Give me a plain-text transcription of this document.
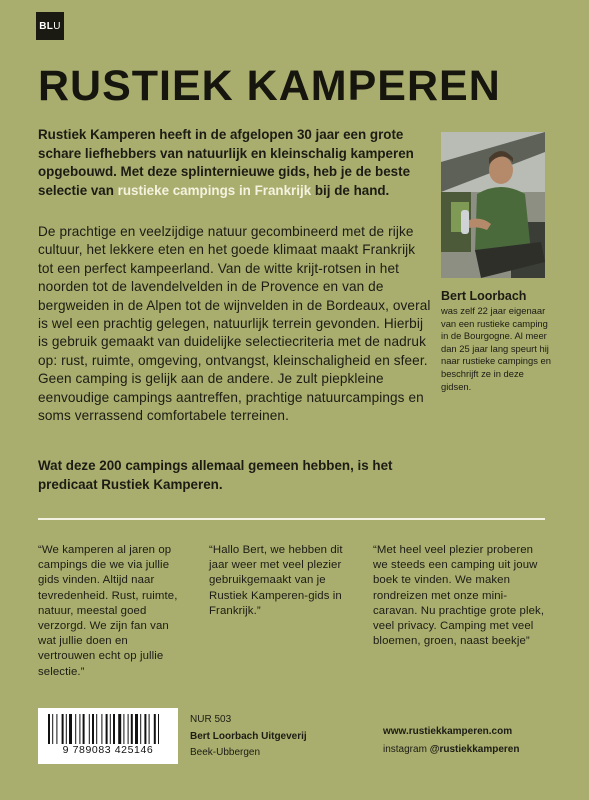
BL U
RUSTIEK KAMPEREN

Rustiek Kamperen heeft in de afgelopen 30 jaar een grote schare liefhebbers van natuurlijk en kleinschalig kamperen opgebouwd. Met deze splinternieuwe gids, heb je de beste selectie van rustieke campings in Frankrijk bij de hand.

De prachtige en veelzijdige natuur gecombineerd met de rijke cultuur, het lekkere eten en het goede klimaat maakt Frankrijk tot een perfect kampeerland. Van de witte krijt-rotsen in het noorden tot de lavendelvelden in de Provence en van de bergweiden in de Alpen tot de wijnvelden in de Bordeaux, overal is wel een prachtig gelegen, natuurlijk terrein gevonden. Hierbij is gebruik gemaakt van duidelijke selectiecriteria met de nadruk op: rust, ruimte, omgeving, ontvangst, kleinschaligheid en sfeer. Geen camping is gelijk aan de andere. Je zult piepkleine eenvoudige campings aantreffen, prachtige natuurcampings en soms verrassend comfortabele terreinen.

Wat deze 200 campings allemaal gemeen hebben, is het predicaat Rustiek Kamperen.

Bert Loorbach

was zelf 22 jaar eigenaar van een rustieke camping in de Bourgogne. Al meer dan 25 jaar lang speurt hij naar rustieke campings en beschrijft ze in deze gidsen.

“We kamperen al jaren op campings die we via jullie gids vinden. Altijd naar tevredenheid. Rust, ruimte, natuur, meestal goed verzorgd. We zijn fan van wat jullie doen en vertrouwen echt op jullie selectie.”

“Hallo Bert, we hebben dit jaar weer met veel plezier gebruikgemaakt van je Rustiek Kamperen-gids in Frankrijk.”

“Met heel veel plezier proberen we steeds een camping uit jouw boek te vinden. We maken rondreizen met onze mini-caravan. Nu prachtige grote plek, veel privacy. Camping met veel bloemen, groen, naast beekje”

9 789083 425146

NUR 503

Bert Loorbach Uitgeverij

Beek-Ubbergen

www.rustiekkamperen.com

instagram @rustiekkamperen
